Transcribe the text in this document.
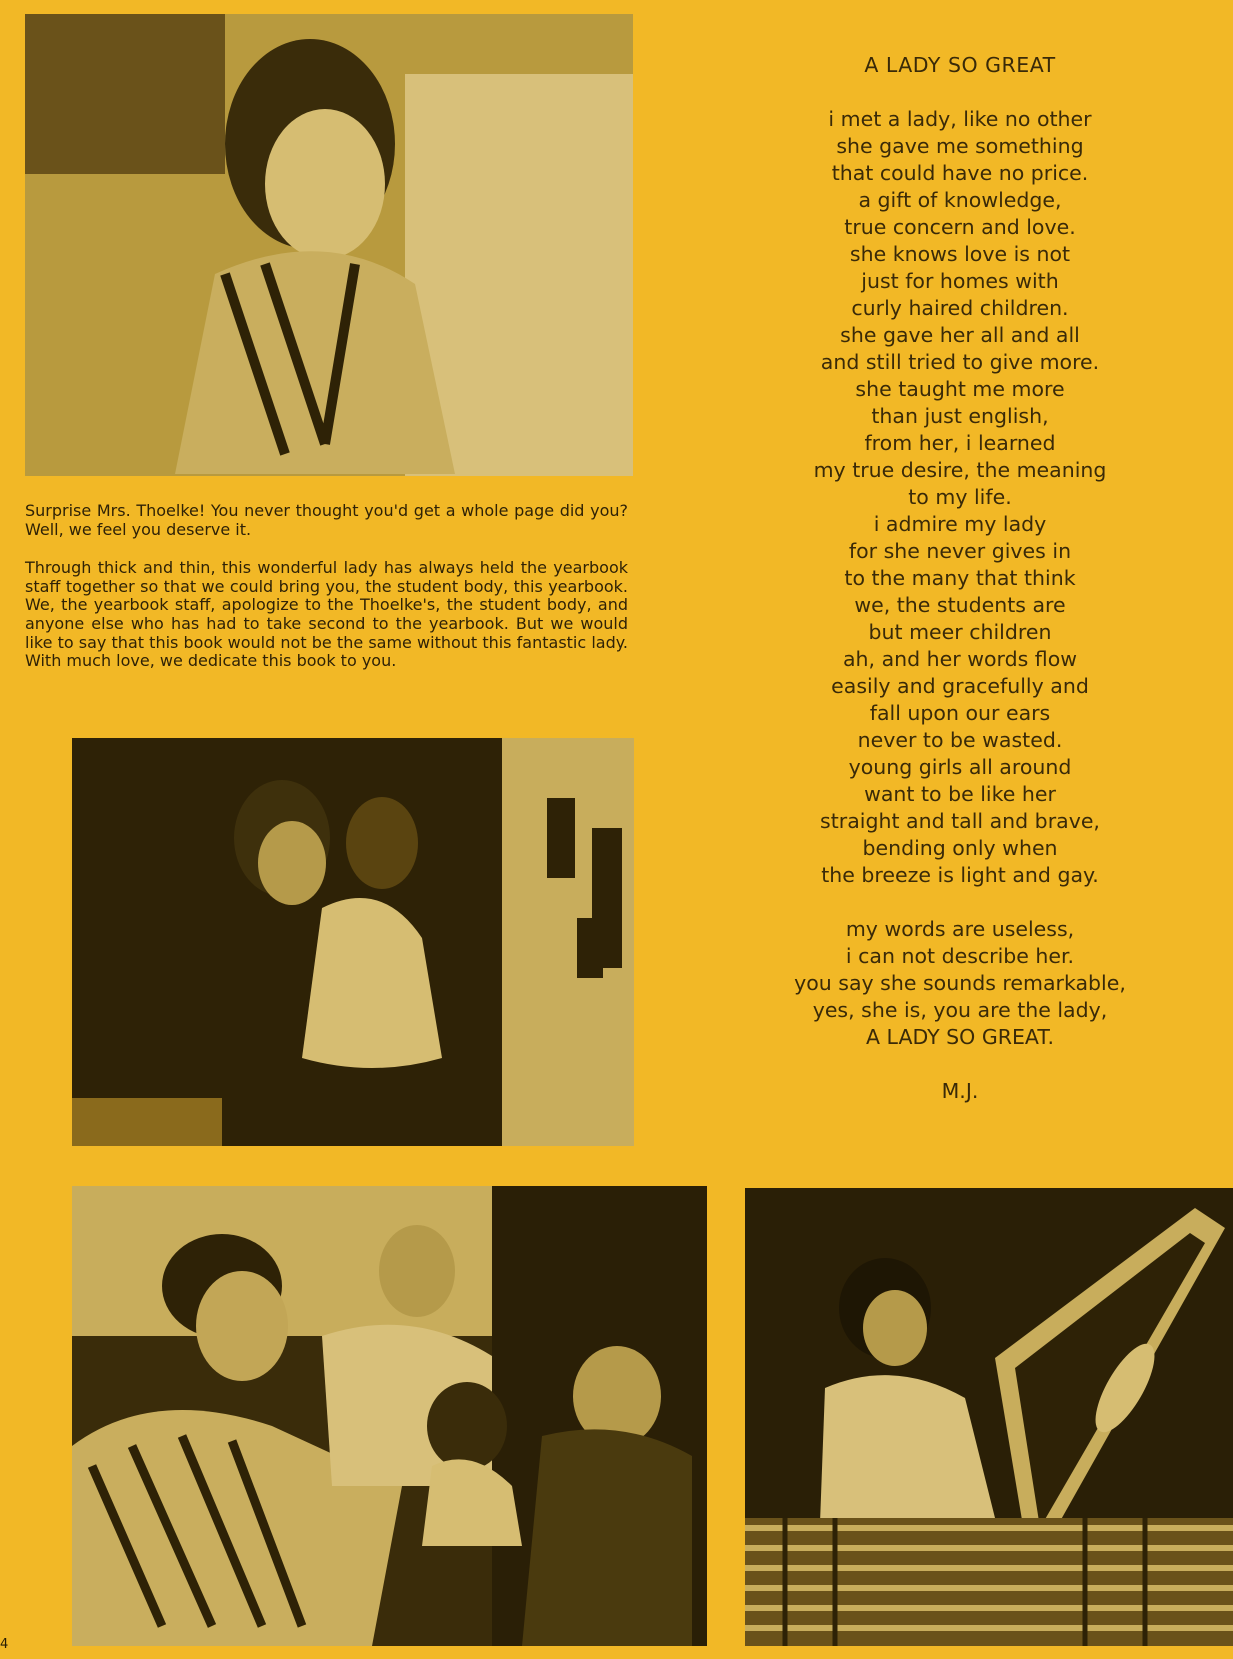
Surprise Mrs. Thoelke! You never thought you'd get a whole page did you? Well, we feel you deserve it.

Through thick and thin, this wonderful lady has always held the yearbook staff together so that we could bring you, the student body, this yearbook. We, the yearbook staff, apologize to the Thoelke's, the student body, and anyone else who has had to take second to the yearbook. But we would like to say that this book would not be the same without this fantastic lady. With much love, we dedicate this book to you.

A LADY SO GREAT
i met a lady, like no other
she gave me something
that could have no price.
a gift of knowledge,
true concern and love.
she knows love is not
just for homes with
curly haired children.
she gave her all and all
and still tried to give more.
she taught me more
than just english,
from her, i learned
my true desire, the meaning
to my life.
i admire my lady
for she never gives in
to the many that think
we, the students are
but meer children
ah, and her words flow
easily and gracefully and
fall upon our ears
never to be wasted.
young girls all around
want to be like her
straight and tall and brave,
bending only when
the breeze is light and gay.
my words are useless,
i can not describe her.
you say she sounds remarkable,
yes, she is, you are the lady,
A LADY SO GREAT.
M.J.
4
